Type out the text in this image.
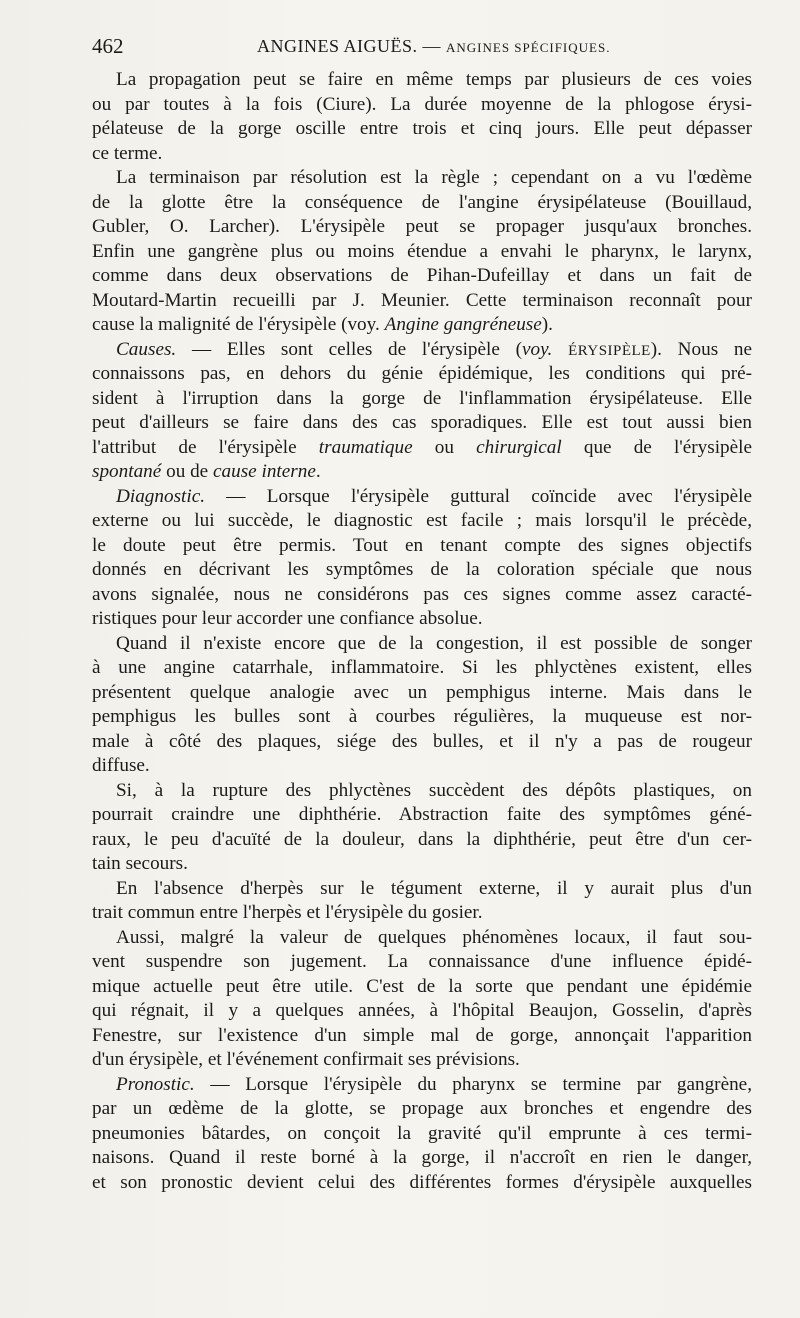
462	ANGINES AIGUËS. — ANGINES SPÉCIFIQUES.
La propagation peut se faire en même temps par plusieurs de ces voies
ou par toutes à la fois (Ciure). La durée moyenne de la phlogose érysi-
pélateuse de la gorge oscille entre trois et cinq jours. Elle peut dépasser
ce terme.
La terminaison par résolution est la règle ; cependant on a vu l'œdème
de la glotte être la conséquence de l'angine érysipélateuse (Bouillaud,
Gubler, O. Larcher). L'érysipèle peut se propager jusqu'aux bronches.
Enfin une gangrène plus ou moins étendue a envahi le pharynx, le larynx,
comme dans deux observations de Pihan-Dufeillay et dans un fait de
Moutard-Martin recueilli par J. Meunier. Cette terminaison reconnaît pour
cause la malignité de l'érysipèle (voy. Angine gangréneuse).
Causes. — Elles sont celles de l'érysipèle (voy. ÉRYSIPÈLE). Nous ne
connaissons pas, en dehors du génie épidémique, les conditions qui pré-
sident à l'irruption dans la gorge de l'inflammation érysipélateuse. Elle
peut d'ailleurs se faire dans des cas sporadiques. Elle est tout aussi bien
l'attribut de l'érysipèle traumatique ou chirurgical que de l'érysipèle
spontané ou de cause interne.
Diagnostic. — Lorsque l'érysipèle guttural coïncide avec l'érysipèle
externe ou lui succède, le diagnostic est facile ; mais lorsqu'il le précède,
le doute peut être permis. Tout en tenant compte des signes objectifs
donnés en décrivant les symptômes de la coloration spéciale que nous
avons signalée, nous ne considérons pas ces signes comme assez caracté-
ristiques pour leur accorder une confiance absolue.
Quand il n'existe encore que de la congestion, il est possible de songer
à une angine catarrhale, inflammatoire. Si les phlyctènes existent, elles
présentent quelque analogie avec un pemphigus interne. Mais dans le
pemphigus les bulles sont à courbes régulières, la muqueuse est nor-
male à côté des plaques, siége des bulles, et il n'y a pas de rougeur
diffuse.
Si, à la rupture des phlyctènes succèdent des dépôts plastiques, on
pourrait craindre une diphthérie. Abstraction faite des symptômes géné-
raux, le peu d'acuïté de la douleur, dans la diphthérie, peut être d'un cer-
tain secours.
En l'absence d'herpès sur le tégument externe, il y aurait plus d'un
trait commun entre l'herpès et l'érysipèle du gosier.
Aussi, malgré la valeur de quelques phénomènes locaux, il faut sou-
vent suspendre son jugement. La connaissance d'une influence épidé-
mique actuelle peut être utile. C'est de la sorte que pendant une épidémie
qui régnait, il y a quelques années, à l'hôpital Beaujon, Gosselin, d'après
Fenestre, sur l'existence d'un simple mal de gorge, annonçait l'apparition
d'un érysipèle, et l'événement confirmait ses prévisions.
Pronostic. — Lorsque l'érysipèle du pharynx se termine par gangrène,
par un œdème de la glotte, se propage aux bronches et engendre des
pneumonies bâtardes, on conçoit la gravité qu'il emprunte à ces termi-
naisons. Quand il reste borné à la gorge, il n'accroît en rien le danger,
et son pronostic devient celui des différentes formes d'érysipèle auxquelles
